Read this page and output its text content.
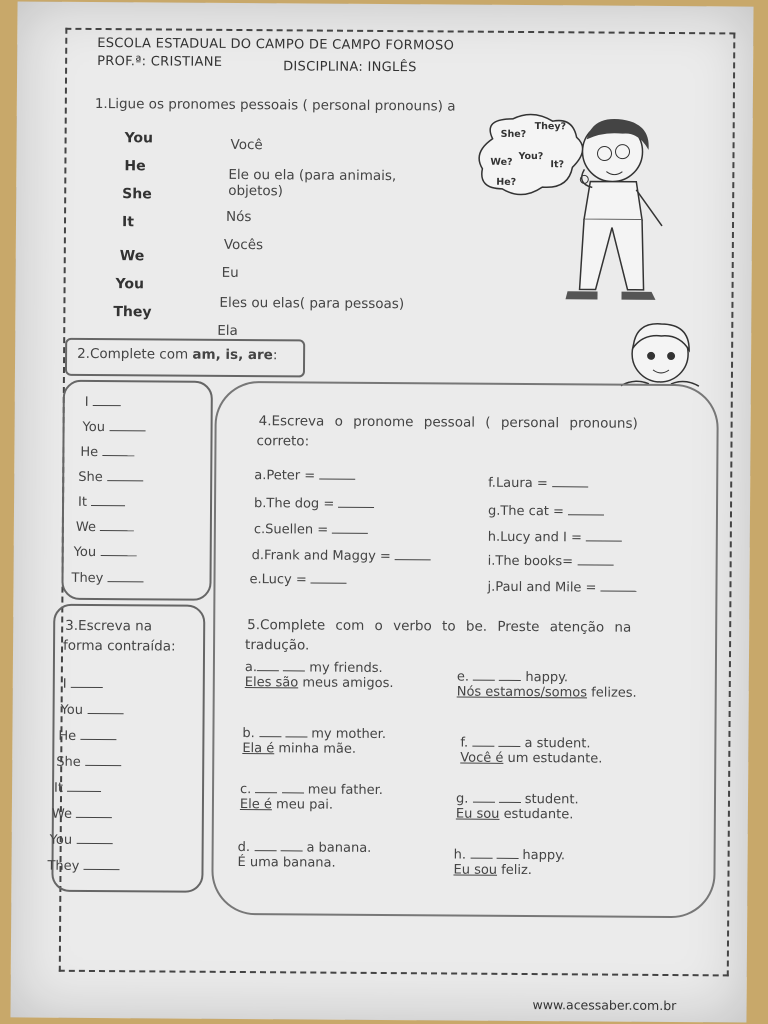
ESCOLA ESTADUAL DO CAMPO DE CAMPO FORMOSO
PROF.ª: CRISTIANE	DISCIPLINA: INGLÊS
1.Ligue os pronomes pessoais ( personal pronouns) a
You
He
She
It
We
You
They
Você
Ele ou ela (para animais,
objetos)
Nós
Vocês
Eu
Eles ou elas( para pessoas)
Ela
She?
They?
We?
You?
It?
He?
2.Complete com am, is, are:
I
You
He
She
It
We
You
They
3.Escreva na
forma contraída:
I
You
He
She
It
We
You
They
4.Escreva o pronome pessoal ( personal pronouns)
correto:
a.Peter =
b.The dog =
c.Suellen =
d.Frank and Maggy =
e.Lucy =
f.Laura =
g.The cat =
h.Lucy and I =
i.The books=
j.Paul and Mile =
5.Complete com o verbo to be. Preste atenção na
tradução.
a.	my friends.
Eles são meus amigos.
b.	my mother.
Ela é minha mãe.
c.	meu father.
Ele é meu pai.
d.	a banana.
É uma banana.
e.	happy.
Nós estamos/somos felizes.
f.	a student.
Você é um estudante.
g.	student.
Eu sou estudante.
h.	happy.
Eu sou feliz.
www.acessaber.com.br
